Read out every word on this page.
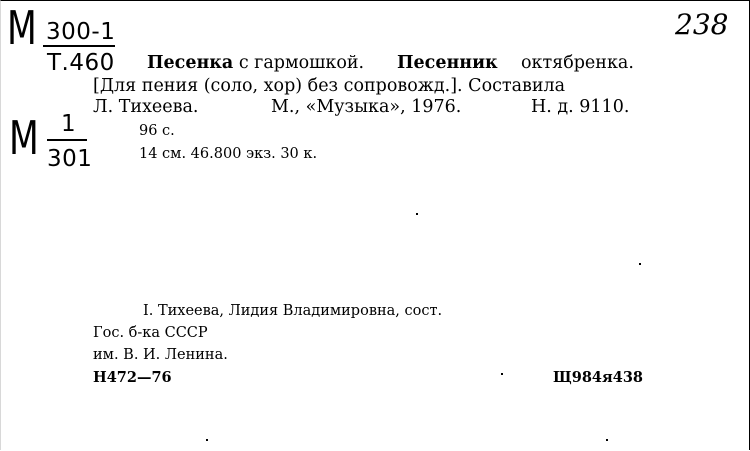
М 300-1
Т.460
М 1
301
238
Песенка с гармошкой. Песенник октябренка.
[Для пения (соло, хор) без сопровожд.]. Составила
Л. Тихеева.	М., «Музыка», 1976.	Н. д. 9110.
96 с.
14 см. 46.800 экз. 30 к.
I. Тихеева, Лидия Владимировна, сост.
Гос. б-ка СССР
им. В. И. Ленина.
Н472—76	Щ984я438
